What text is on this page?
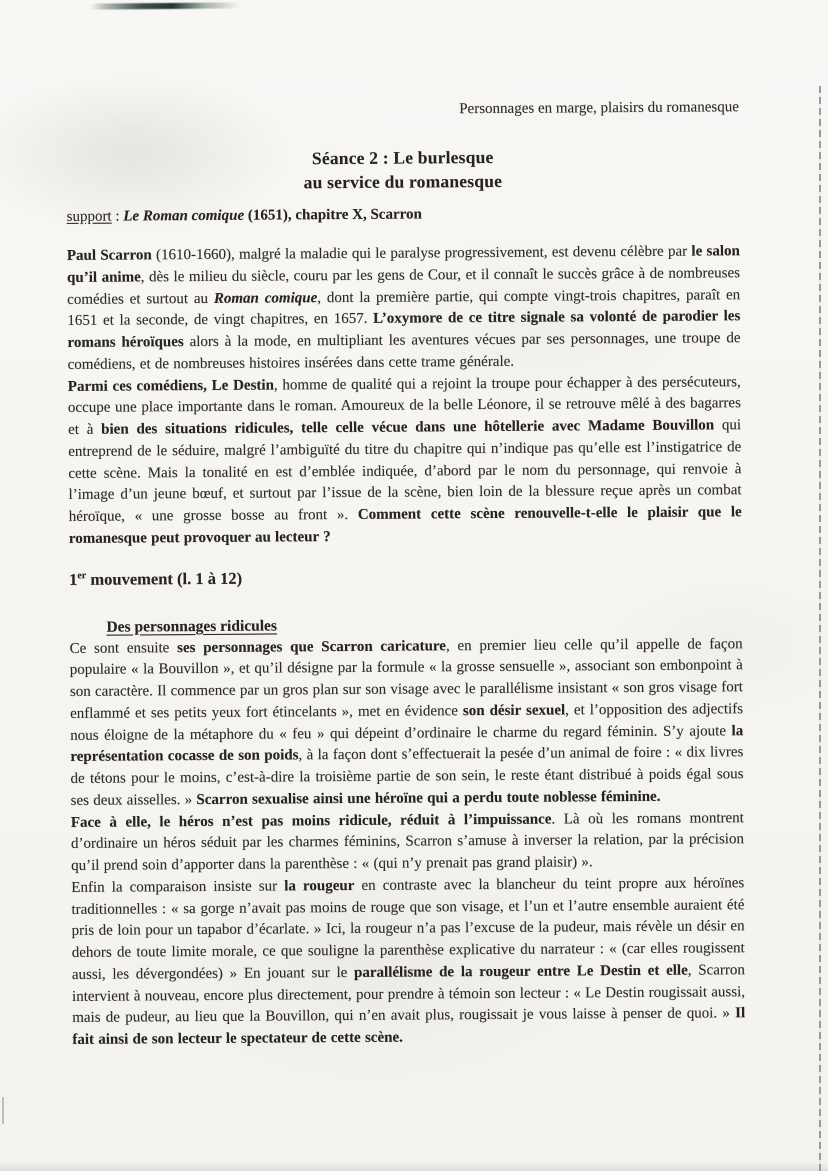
Personnages en marge, plaisirs du romanesque
Séance 2 : Le burlesque
au service du romanesque
support : Le Roman comique (1651), chapitre X, Scarron

Paul Scarron (1610-1660), malgré la maladie qui le paralyse progressivement, est devenu célèbre par le salon qu’il anime, dès le milieu du siècle, couru par les gens de Cour, et il connaît le succès grâce à de nombreuses comédies et surtout au Roman comique, dont la première partie, qui compte vingt-trois chapitres, paraît en 1651 et la seconde, de vingt chapitres, en 1657. L’oxymore de ce titre signale sa volonté de parodier les romans héroïques alors à la mode, en multipliant les aventures vécues par ses personnages, une troupe de comédiens, et de nombreuses histoires insérées dans cette trame générale.

Parmi ces comédiens, Le Destin, homme de qualité qui a rejoint la troupe pour échapper à des persécuteurs, occupe une place importante dans le roman. Amoureux de la belle Léonore, il se retrouve mêlé à des bagarres et à bien des situations ridicules, telle celle vécue dans une hôtellerie avec Madame Bouvillon qui entreprend de le séduire, malgré l’ambiguïté du titre du chapitre qui n’indique pas qu’elle est l’instigatrice de cette scène. Mais la tonalité en est d’emblée indiquée, d’abord par le nom du personnage, qui renvoie à l’image d’un jeune bœuf, et surtout par l’issue de la scène, bien loin de la blessure reçue après un combat héroïque, « une grosse bosse au front ». Comment cette scène renouvelle-t-elle le plaisir que le romanesque peut provoquer au lecteur ?

1er mouvement (l. 1 à 12)
Des personnages ridicules

Ce sont ensuite ses personnages que Scarron caricature, en premier lieu celle qu’il appelle de façon populaire « la Bouvillon », et qu’il désigne par la formule « la grosse sensuelle », associant son embonpoint à son caractère. Il commence par un gros plan sur son visage avec le parallélisme insistant « son gros visage fort enflammé et ses petits yeux fort étincelants », met en évidence son désir sexuel, et l’opposition des adjectifs nous éloigne de la métaphore du « feu » qui dépeint d’ordinaire le charme du regard féminin. S’y ajoute la représentation cocasse de son poids, à la façon dont s’effectuerait la pesée d’un animal de foire : « dix livres de tétons pour le moins, c’est-à-dire la troisième partie de son sein, le reste étant distribué à poids égal sous ses deux aisselles. » Scarron sexualise ainsi une héroïne qui a perdu toute noblesse féminine.

Face à elle, le héros n’est pas moins ridicule, réduit à l’impuissance. Là où les romans montrent d’ordinaire un héros séduit par les charmes féminins, Scarron s’amuse à inverser la relation, par la précision qu’il prend soin d’apporter dans la parenthèse : « (qui n’y prenait pas grand plaisir) ».

Enfin la comparaison insiste sur la rougeur en contraste avec la blancheur du teint propre aux héroïnes traditionnelles : « sa gorge n’avait pas moins de rouge que son visage, et l’un et l’autre ensemble auraient été pris de loin pour un tapabor d’écarlate. » Ici, la rougeur n’a pas l’excuse de la pudeur, mais révèle un désir en dehors de toute limite morale, ce que souligne la parenthèse explicative du narrateur : « (car elles rougissent aussi, les dévergondées) » En jouant sur le parallélisme de la rougeur entre Le Destin et elle, Scarron intervient à nouveau, encore plus directement, pour prendre à témoin son lecteur : « Le Destin rougissait aussi, mais de pudeur, au lieu que la Bouvillon, qui n’en avait plus, rougissait je vous laisse à penser de quoi. » Il fait ainsi de son lecteur le spectateur de cette scène.
